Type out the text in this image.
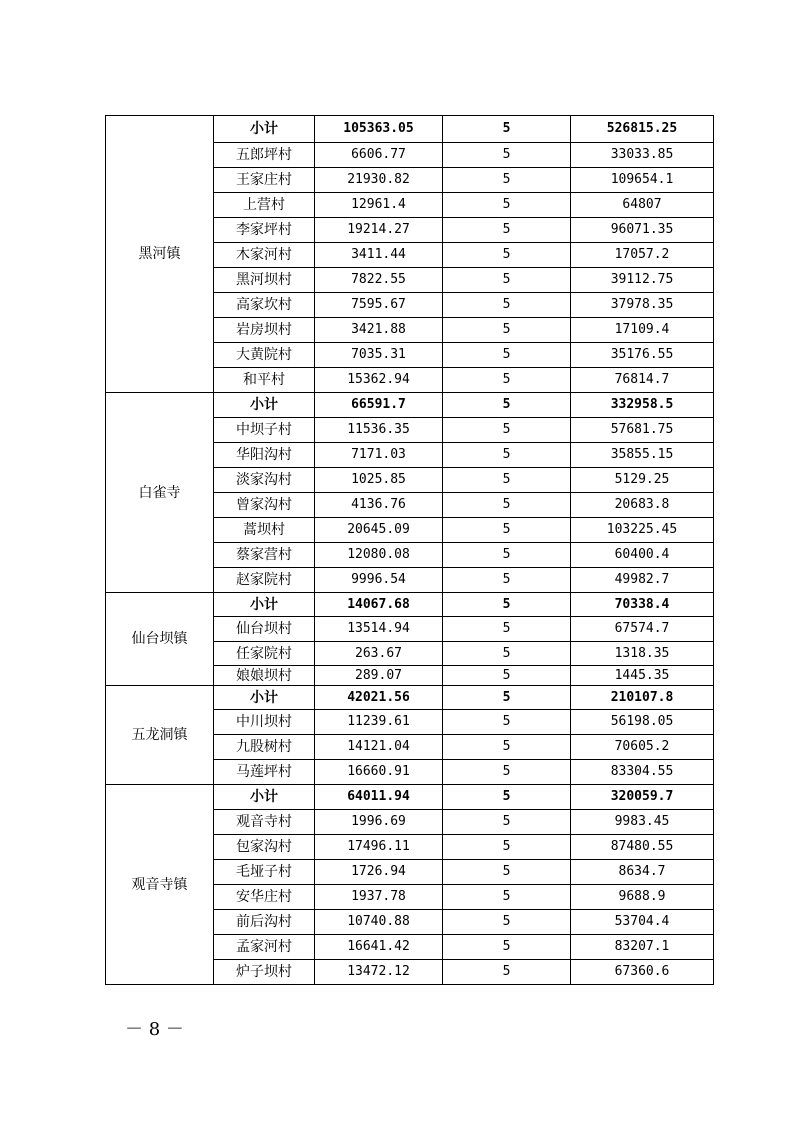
黑河镇	小计	105363.05	5	526815.25
	五郎坪村	6606.77	5	33033.85
	王家庄村	21930.82	5	109654.1
	上营村	12961.4	5	64807
	李家坪村	19214.27	5	96071.35
	木家河村	3411.44	5	17057.2
	黑河坝村	7822.55	5	39112.75
	高家坎村	7595.67	5	37978.35
	岩房坝村	3421.88	5	17109.4
	大黄院村	7035.31	5	35176.55
	和平村	15362.94	5	76814.7
白雀寺	小计	66591.7	5	332958.5
	中坝子村	11536.35	5	57681.75
	华阳沟村	7171.03	5	35855.15
	淡家沟村	1025.85	5	5129.25
	曾家沟村	4136.76	5	20683.8
	蒿坝村	20645.09	5	103225.45
	蔡家营村	12080.08	5	60400.4
	赵家院村	9996.54	5	49982.7
仙台坝镇	小计	14067.68	5	70338.4
	仙台坝村	13514.94	5	67574.7
	任家院村	263.67	5	1318.35
	娘娘坝村	289.07	5	1445.35
五龙洞镇	小计	42021.56	5	210107.8
	中川坝村	11239.61	5	56198.05
	九股树村	14121.04	5	70605.2
	马莲坪村	16660.91	5	83304.55
观音寺镇	小计	64011.94	5	320059.7
	观音寺村	1996.69	5	9983.45
	包家沟村	17496.11	5	87480.55
	毛垭子村	1726.94	5	8634.7
	安华庄村	1937.78	5	9688.9
	前后沟村	10740.88	5	53704.4
	孟家河村	16641.42	5	83207.1
	炉子坝村	13472.12	5	67360.6
－ 8 －
